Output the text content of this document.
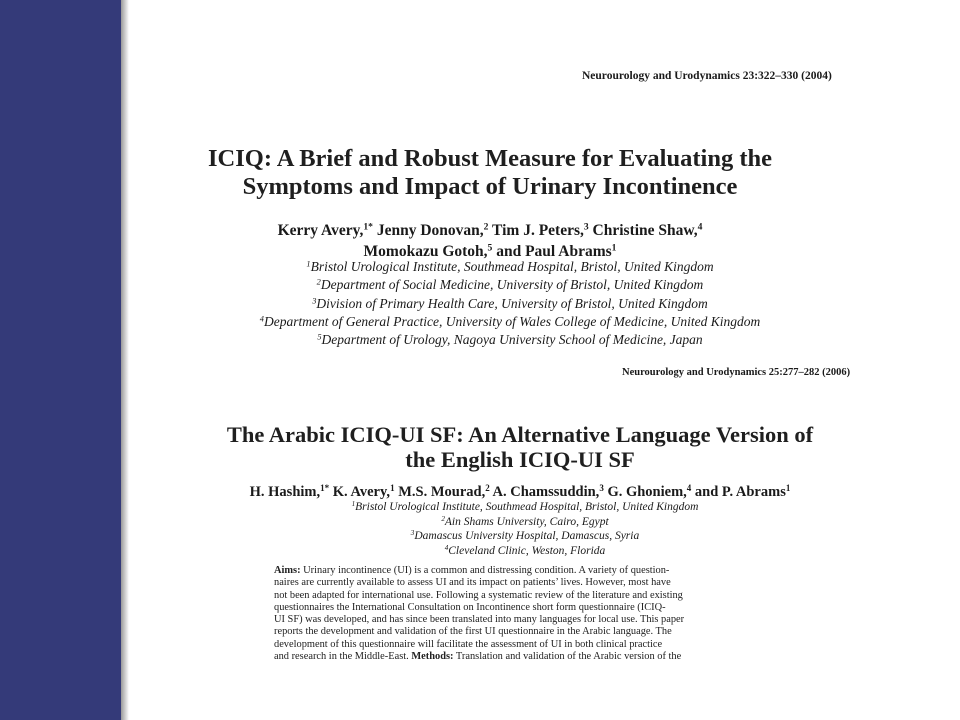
Neurourology and Urodynamics 23:322–330 (2004)
ICIQ: A Brief and Robust Measure for Evaluating the
Symptoms and Impact of Urinary Incontinence
Kerry Avery,$^{1*}$ Jenny Donovan,$^2$ Tim J. Peters,$^3$ Christine Shaw,$^4$
Momokazu Gotoh,$^5$ and Paul Abrams$^1$
$^1$Bristol Urological Institute, Southmead Hospital, Bristol, United Kingdom
$^2$Department of Social Medicine, University of Bristol, United Kingdom
$^3$Division of Primary Health Care, University of Bristol, United Kingdom
$^4$Department of General Practice, University of Wales College of Medicine, United Kingdom
$^5$Department of Urology, Nagoya University School of Medicine, Japan
Neurourology and Urodynamics 25:277–282 (2006)
The Arabic ICIQ-UI SF: An Alternative Language Version of
the English ICIQ-UI SF
H. Hashim,$^{1*}$ K. Avery,$^1$ M.S. Mourad,$^2$ A. Chamssuddin,$^3$ G. Ghoniem,$^4$ and P. Abrams$^1$
$^1$Bristol Urological Institute, Southmead Hospital, Bristol, United Kingdom
$^2$Ain Shams University, Cairo, Egypt
$^3$Damascus University Hospital, Damascus, Syria
$^4$Cleveland Clinic, Weston, Florida
Aims: Urinary incontinence (UI) is a common and distressing condition. A variety of question-
naires are currently available to assess UI and its impact on patients’ lives. However, most have
not been adapted for international use. Following a systematic review of the literature and existing
questionnaires the International Consultation on Incontinence short form questionnaire (ICIQ-
UI SF) was developed, and has since been translated into many languages for local use. This paper
reports the development and validation of the first UI questionnaire in the Arabic language. The
development of this questionnaire will facilitate the assessment of UI in both clinical practice
and research in the Middle-East. Methods: Translation and validation of the Arabic version of the
